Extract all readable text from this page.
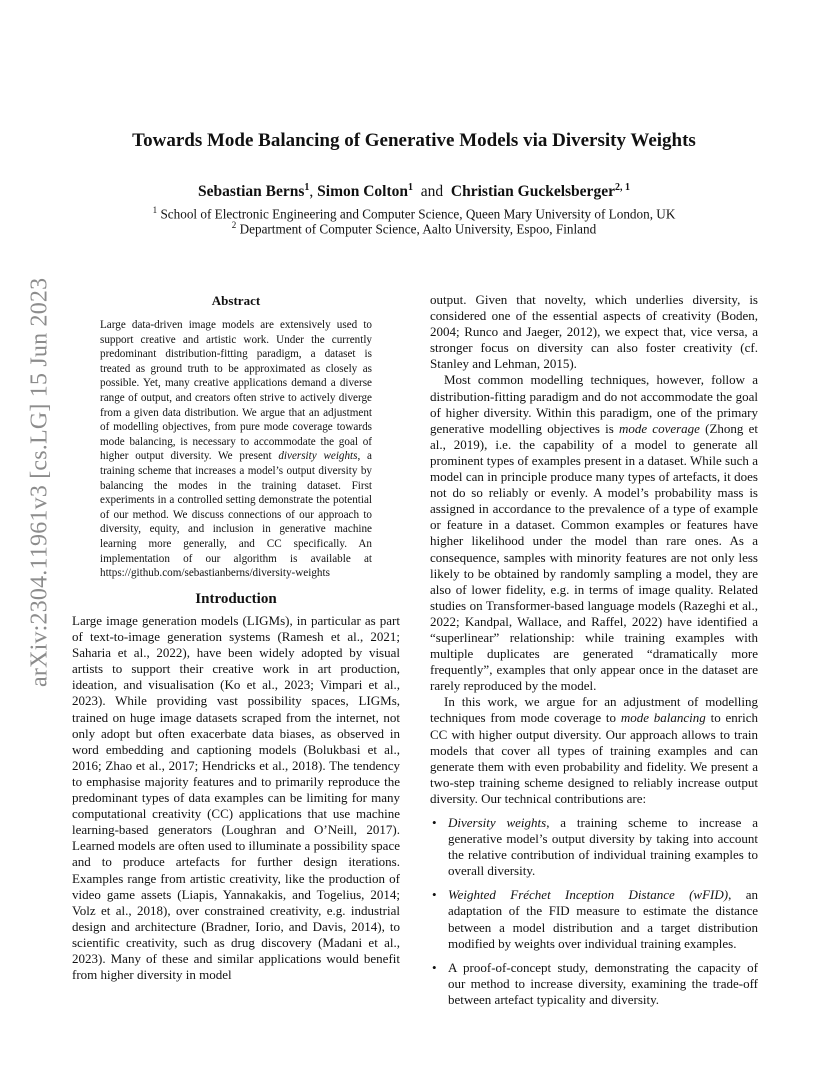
arXiv:2304.11961v3 [cs.LG] 15 Jun 2023
Towards Mode Balancing of Generative Models via Diversity Weights
Sebastian Berns$^1$, Simon Colton$^1$ and Christian Guckelsberger$^{2, 1}$
$^1$ School of Electronic Engineering and Computer Science, Queen Mary University of London, UK
$^2$ Department of Computer Science, Aalto University, Espoo, Finland
Abstract

Large data-driven image models are extensively used to support creative and artistic work. Under the currently predominant distribution-fitting paradigm, a dataset is treated as ground truth to be approximated as closely as possible. Yet, many creative applications demand a diverse range of output, and creators often strive to actively diverge from a given data distribution. We argue that an adjustment of modelling objectives, from pure mode coverage towards mode balancing, is necessary to accommodate the goal of higher output diversity. We present diversity weights, a training scheme that increases a model’s output diversity by balancing the modes in the training dataset. First experiments in a controlled setting demonstrate the potential of our method. We discuss connections of our approach to diversity, equity, and inclusion in generative machine learning more generally, and CC specifically. An implementation of our algorithm is available at https://github.com/sebastianberns/diversity-weights

Introduction

Large image generation models (LIGMs), in particular as part of text-to-image generation systems (Ramesh et al., 2021; Saharia et al., 2022), have been widely adopted by visual artists to support their creative work in art production, ideation, and visualisation (Ko et al., 2023; Vimpari et al., 2023). While providing vast possibility spaces, LIGMs, trained on huge image datasets scraped from the internet, not only adopt but often exacerbate data biases, as observed in word embedding and captioning models (Bolukbasi et al., 2016; Zhao et al., 2017; Hendricks et al., 2018). The tendency to emphasise majority features and to primarily reproduce the predominant types of data examples can be limiting for many computational creativity (CC) applications that use machine learning-based generators (Loughran and O’Neill, 2017). Learned models are often used to illuminate a possibility space and to produce artefacts for further design iterations. Examples range from artistic creativity, like the production of video game assets (Liapis, Yannakakis, and Togelius, 2014; Volz et al., 2018), over constrained creativity, e.g. industrial design and architecture (Bradner, Iorio, and Davis, 2014), to scientific creativity, such as drug discovery (Madani et al., 2023). Many of these and similar applications would benefit from higher diversity in model

output. Given that novelty, which underlies diversity, is considered one of the essential aspects of creativity (Boden, 2004; Runco and Jaeger, 2012), we expect that, vice versa, a stronger focus on diversity can also foster creativity (cf. Stanley and Lehman, 2015).

Most common modelling techniques, however, follow a distribution-fitting paradigm and do not accommodate the goal of higher diversity. Within this paradigm, one of the primary generative modelling objectives is mode coverage (Zhong et al., 2019), i.e. the capability of a model to generate all prominent types of examples present in a dataset. While such a model can in principle produce many types of artefacts, it does not do so reliably or evenly. A model’s probability mass is assigned in accordance to the prevalence of a type of example or feature in a dataset. Common examples or features have higher likelihood under the model than rare ones. As a consequence, samples with minority features are not only less likely to be obtained by randomly sampling a model, they are also of lower fidelity, e.g. in terms of image quality. Related studies on Transformer-based language models (Razeghi et al., 2022; Kandpal, Wallace, and Raffel, 2022) have identified a “superlinear” relationship: while training examples with multiple duplicates are generated “dramatically more frequently”, examples that only appear once in the dataset are rarely reproduced by the model.

In this work, we argue for an adjustment of modelling techniques from mode coverage to mode balancing to enrich CC with higher output diversity. Our approach allows to train models that cover all types of training examples and can generate them with even probability and fidelity. We present a two-step training scheme designed to reliably increase output diversity. Our technical contributions are:

• Diversity weights, a training scheme to increase a generative model’s output diversity by taking into account the relative contribution of individual training examples to overall diversity.
• Weighted Fréchet Inception Distance (wFID), an adaptation of the FID measure to estimate the distance between a model distribution and a target distribution modified by weights over individual training examples.
• A proof-of-concept study, demonstrating the capacity of our method to increase diversity, examining the trade-off between artefact typicality and diversity.
